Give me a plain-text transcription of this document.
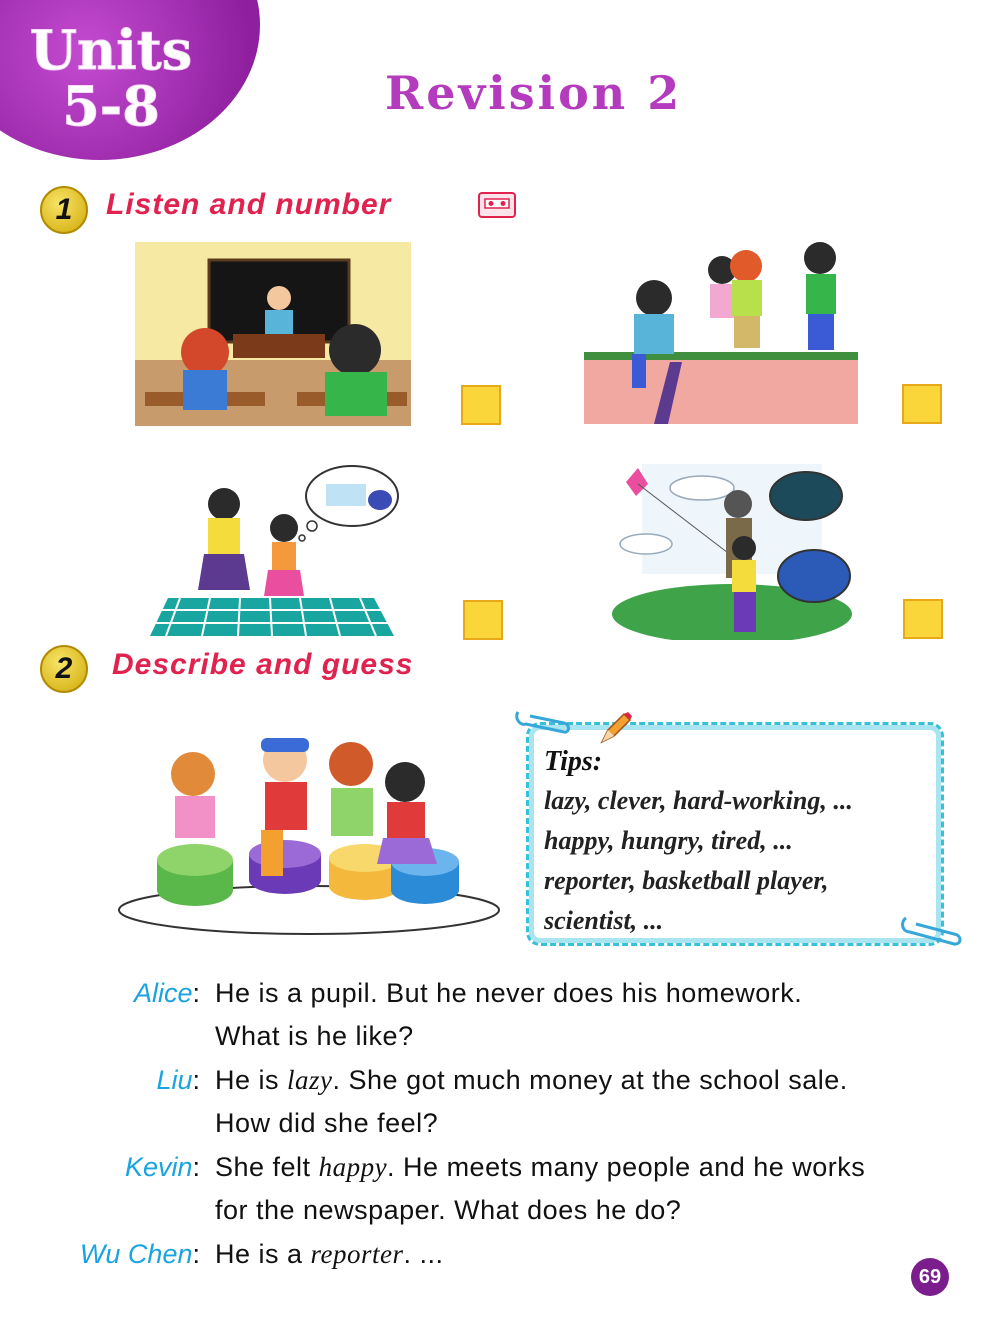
Units
5-8	Revision 2
1	Listen and number
2	Describe and guess
Tips:
lazy, clever, hard-working, ...
happy, hungry, tired, ...
reporter, basketball player,
scientist, ...
Alice: He is a pupil. But he never does his homework.
What is he like?
Liu: He is lazy. She got much money at the school sale.
How did she feel?
Kevin: She felt happy. He meets many people and he works
for the newspaper. What does he do?
Wu Chen: He is a reporter. ...
69
